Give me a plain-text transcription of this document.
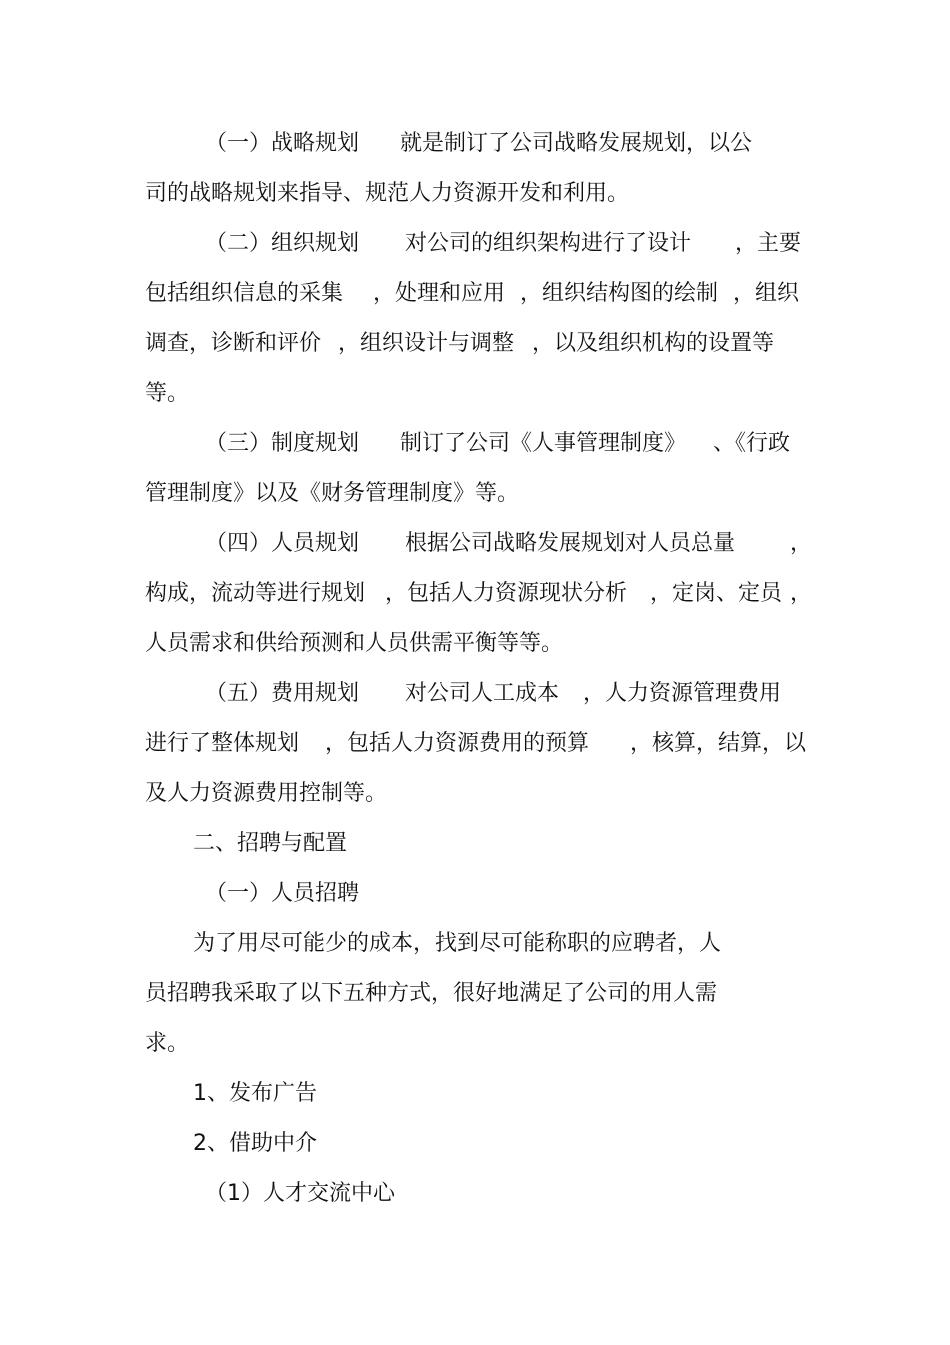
（一）战略规划

就是制订了公司战略发展规划，以公

司的战略规划来指导、规范人力资源开发和利用。

（二）组织规划

对公司的组织架构进行了设计

，主要

包括组织信息的采集

，处理和应用

，组织结构图的绘制

，组织

调查，诊断和评价

，组织设计与调整

，以及组织机构的设置等

等。

（三）制度规划

制订了公司《人事管理制度》

、《行政

管理制度》以及《财务管理制度》等。

（四）人员规划

根据公司战略发展规划对人员总量

，

构成，流动等进行规划

，包括人力资源现状分析

，定岗、定员

，

人员需求和供给预测和人员供需平衡等等。

（五）费用规划

对公司人工成本

，人力资源管理费用

进行了整体规划

，包括人力资源费用的预算

，核算，结算，以

及人力资源费用控制等。

二、招聘与配置

（一）人员招聘

为了用尽可能少的成本，找到尽可能称职的应聘者，人

员招聘我采取了以下五种方式，很好地满足了公司的用人需

求。

1、发布广告

2、借助中介

（1）人才交流中心
